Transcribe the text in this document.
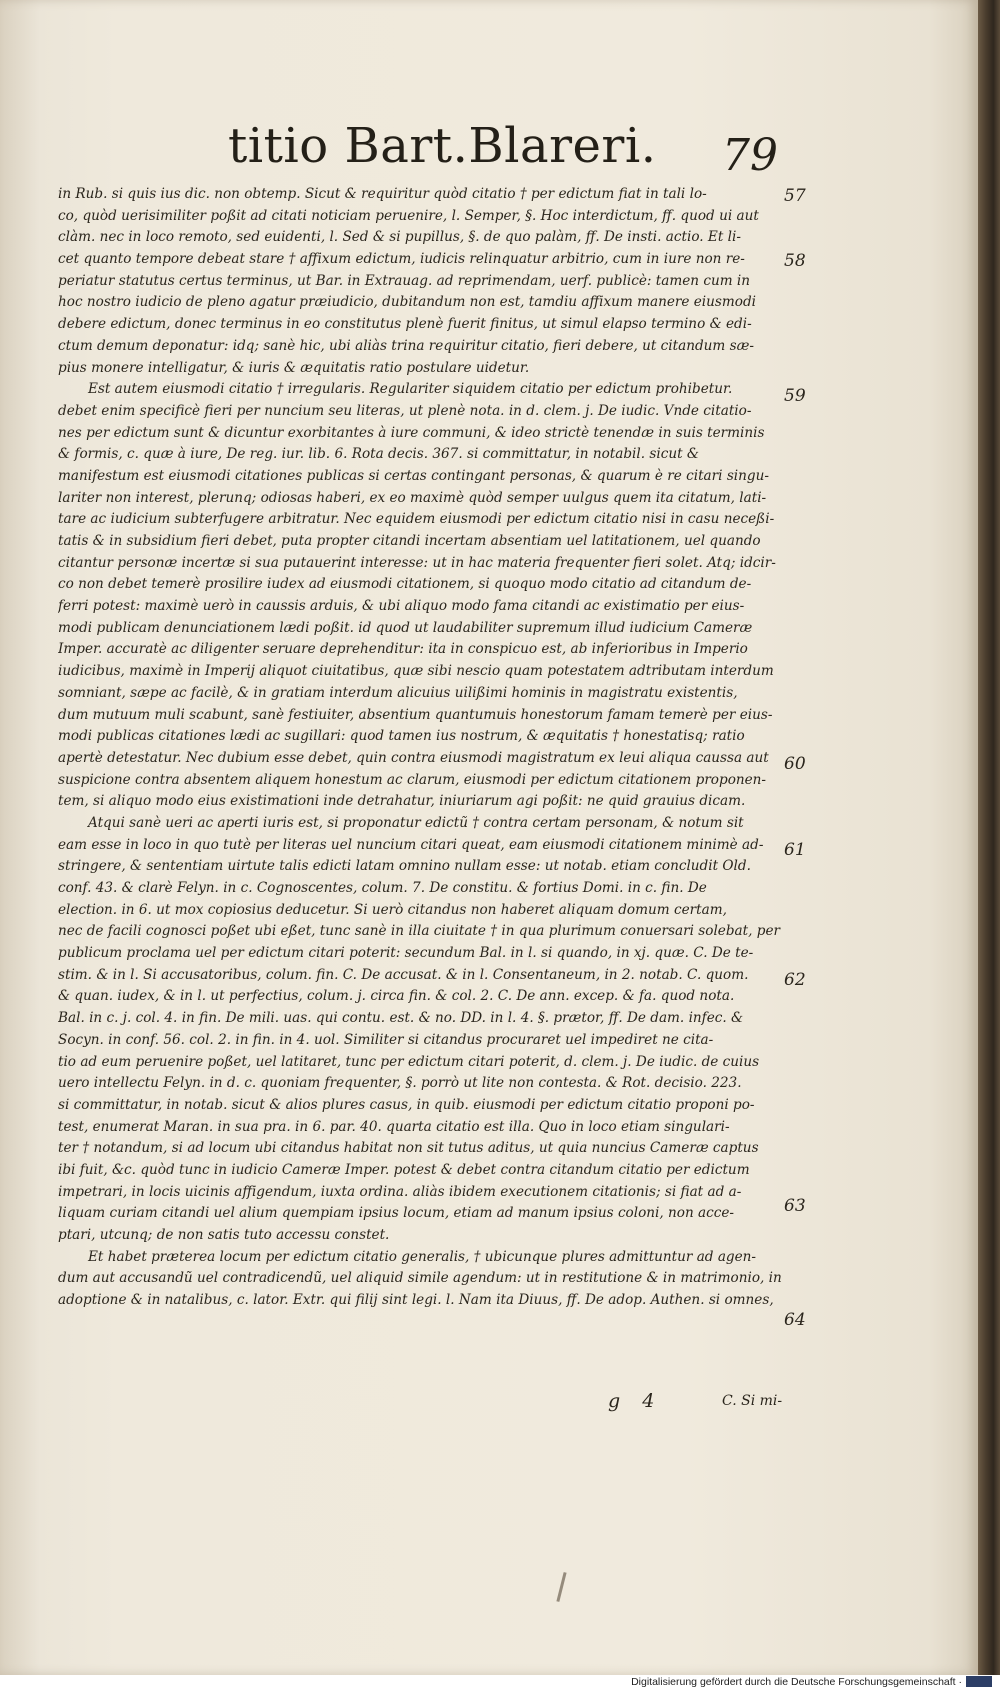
titio Bart.Blareri. 79
in Rub. si quis ius dic. non obtemp. Sicut & requiritur quòd citatio † per edictum fiat in tali lo-
co, quòd uerisimiliter poßit ad citati noticiam peruenire, l. Semper, §. Hoc interdictum, ff. quod ui aut
clàm. nec in loco remoto, sed euidenti, l. Sed & si pupillus, §. de quo palàm, ff. De insti. actio. Et li-
cet quanto tempore debeat stare † affixum edictum, iudicis relinquatur arbitrio, cum in iure non re-
periatur statutus certus terminus, ut Bar. in Extrauag. ad reprimendam, uerf. publicè: tamen cum in
hoc nostro iudicio de pleno agatur præiudicio, dubitandum non est, tamdiu affixum manere eiusmodi
debere edictum, donec terminus in eo constitutus plenè fuerit finitus, ut simul elapso termino & edi-
ctum demum deponatur: idq; sanè hic, ubi aliàs trina requiritur citatio, fieri debere, ut citandum sæ-
pius monere intelligatur, & iuris & æquitatis ratio postulare uidetur.
Est autem eiusmodi citatio † irregularis. Regulariter siquidem citatio per edictum prohibetur.
debet enim specificè fieri per nuncium seu literas, ut plenè nota. in d. clem. j. De iudic. Vnde citatio-
nes per edictum sunt & dicuntur exorbitantes à iure communi, & ideo strictè tenendæ in suis terminis
& formis, c. quæ à iure, De reg. iur. lib. 6. Rota decis. 367. si committatur, in notabil. sicut &
manifestum est eiusmodi citationes publicas si certas contingant personas, & quarum è re citari singu-
lariter non interest, plerunq; odiosas haberi, ex eo maximè quòd semper uulgus quem ita citatum, lati-
tare ac iudicium subterfugere arbitratur. Nec equidem eiusmodi per edictum citatio nisi in casu neceßi-
tatis & in subsidium fieri debet, puta propter citandi incertam absentiam uel latitationem, uel quando
citantur personæ incertæ si sua putauerint interesse: ut in hac materia frequenter fieri solet. Atq; idcir-
co non debet temerè prosilire iudex ad eiusmodi citationem, si quoquo modo citatio ad citandum de-
ferri potest: maximè uerò in caussis arduis, & ubi aliquo modo fama citandi ac existimatio per eius-
modi publicam denunciationem lædi poßit. id quod ut laudabiliter supremum illud iudicium Cameræ
Imper. accuratè ac diligenter seruare deprehenditur: ita in conspicuo est, ab inferioribus in Imperio
iudicibus, maximè in Imperij aliquot ciuitatibus, quæ sibi nescio quam potestatem adtributam interdum
somniant, sæpe ac facilè, & in gratiam interdum alicuius uilißimi hominis in magistratu existentis,
dum mutuum muli scabunt, sanè festiuiter, absentium quantumuis honestorum famam temerè per eius-
modi publicas citationes lædi ac sugillari: quod tamen ius nostrum, & æquitatis † honestatisq; ratio
apertè detestatur. Nec dubium esse debet, quin contra eiusmodi magistratum ex leui aliqua caussa aut
suspicione contra absentem aliquem honestum ac clarum, eiusmodi per edictum citationem proponen-
tem, si aliquo modo eius existimationi inde detrahatur, iniuriarum agi poßit: ne quid grauius dicam.
Atqui sanè ueri ac aperti iuris est, si proponatur edictũ † contra certam personam, & notum sit
eam esse in loco in quo tutè per literas uel nuncium citari queat, eam eiusmodi citationem minimè ad-
stringere, & sententiam uirtute talis edicti latam omnino nullam esse: ut notab. etiam concludit Old.
conf. 43. & clarè Felyn. in c. Cognoscentes, colum. 7. De constitu. & fortius Domi. in c. fin. De
election. in 6. ut mox copiosius deducetur. Si uerò citandus non haberet aliquam domum certam,
nec de facili cognosci poßet ubi eßet, tunc sanè in illa ciuitate † in qua plurimum conuersari solebat, per
publicum proclama uel per edictum citari poterit: secundum Bal. in l. si quando, in xj. quæ. C. De te-
stim. & in l. Si accusatoribus, colum. fin. C. De accusat. & in l. Consentaneum, in 2. notab. C. quom.
& quan. iudex, & in l. ut perfectius, colum. j. circa fin. & col. 2. C. De ann. excep. & fa. quod nota.
Bal. in c. j. col. 4. in fin. De mili. uas. qui contu. est. & no. DD. in l. 4. §. prætor, ff. De dam. infec. &
Socyn. in conf. 56. col. 2. in fin. in 4. uol. Similiter si citandus procuraret uel impediret ne cita-
tio ad eum peruenire poßet, uel latitaret, tunc per edictum citari poterit, d. clem. j. De iudic. de cuius
uero intellectu Felyn. in d. c. quoniam frequenter, §. porrò ut lite non contesta. & Rot. decisio. 223.
si committatur, in notab. sicut & alios plures casus, in quib. eiusmodi per edictum citatio proponi po-
test, enumerat Maran. in sua pra. in 6. par. 40. quarta citatio est illa. Quo in loco etiam singulari-
ter † notandum, si ad locum ubi citandus habitat non sit tutus aditus, ut quia nuncius Cameræ captus
ibi fuit, &c. quòd tunc in iudicio Cameræ Imper. potest & debet contra citandum citatio per edictum
impetrari, in locis uicinis affigendum, iuxta ordina. aliàs ibidem executionem citationis; si fiat ad a-
liquam curiam citandi uel alium quempiam ipsius locum, etiam ad manum ipsius coloni, non acce-
ptari, utcunq; de non satis tuto accessu constet.
Et habet præterea locum per edictum citatio generalis, † ubicunque plures admittuntur ad agen-
dum aut accusandũ uel contradicendũ, uel aliquid simile agendum: ut in restitutione & in matrimonio, in
adoptione & in natalibus, c. lator. Extr. qui filij sint legi. l. Nam ita Diuus, ff. De adop. Authen. si omnes,
57
58
59
60
61
62
63
64
g 4	C. Si mi-
Digitalisierung gefördert durch die Deutsche Forschungsgemeinschaft ·
